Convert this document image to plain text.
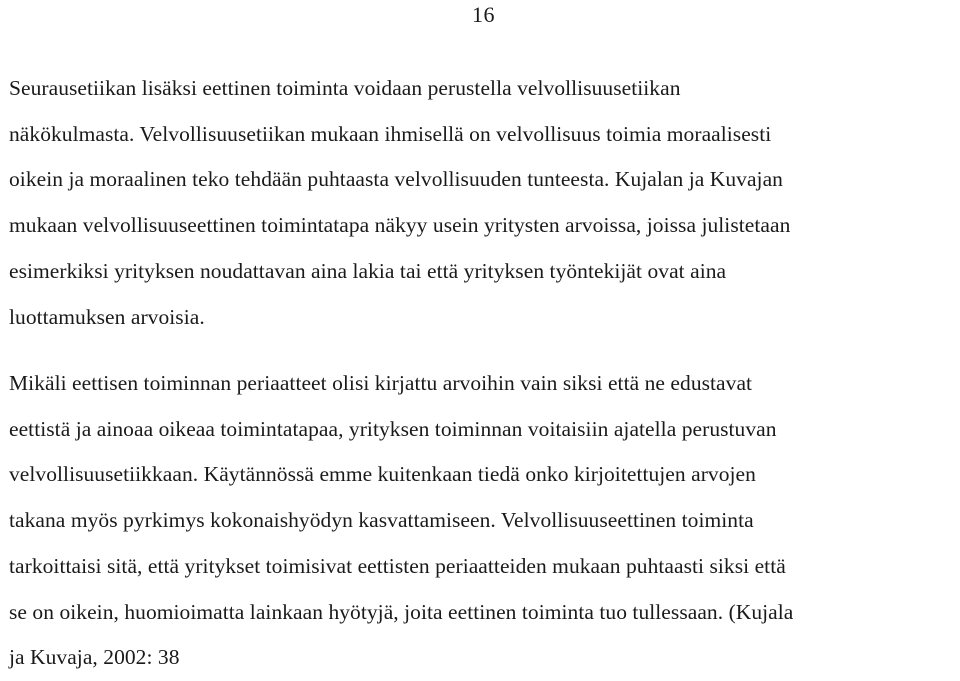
16
Seurausetiikan lisäksi eettinen toiminta voidaan perustella velvollisuusetiikan
näkökulmasta. Velvollisuusetiikan mukaan ihmisellä on velvollisuus toimia moraalisesti
oikein ja moraalinen teko tehdään puhtaasta velvollisuuden tunteesta. Kujalan ja Kuvajan
mukaan velvollisuuseettinen toimintatapa näkyy usein yritysten arvoissa, joissa julistetaan
esimerkiksi yrityksen noudattavan aina lakia tai että yrityksen työntekijät ovat aina
luottamuksen arvoisia.
Mikäli eettisen toiminnan periaatteet olisi kirjattu arvoihin vain siksi että ne edustavat
eettistä ja ainoaa oikeaa toimintatapaa, yrityksen toiminnan voitaisiin ajatella perustuvan
velvollisuusetiikkaan. Käytännössä emme kuitenkaan tiedä onko kirjoitettujen arvojen
takana myös pyrkimys kokonaishyödyn kasvattamiseen. Velvollisuuseettinen toiminta
tarkoittaisi sitä, että yritykset toimisivat eettisten periaatteiden mukaan puhtaasti siksi että
se on oikein, huomioimatta lainkaan hyötyjä, joita eettinen toiminta tuo tullessaan. (Kujala
ja Kuvaja, 2002: 38
